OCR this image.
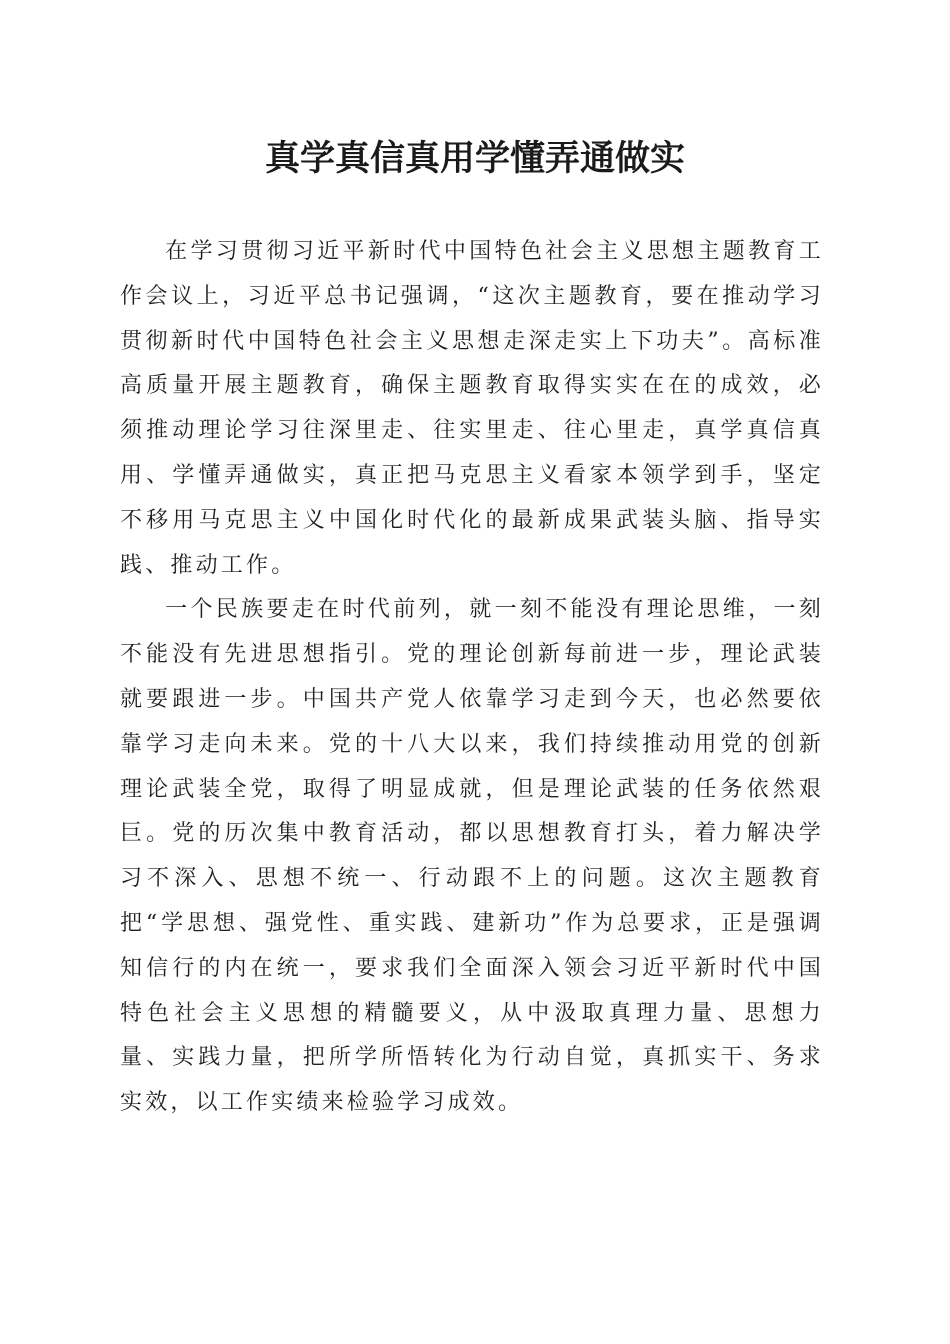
真学真信真用学懂弄通做实

在学习贯彻习近平新时代中国特色社会主义思想主题教育工作会议上，习近平总书记强调，“这次主题教育，要在推动学习贯彻新时代中国特色社会主义思想走深走实上下功夫”。高标准高质量开展主题教育，确保主题教育取得实实在在的成效，必须推动理论学习往深里走、往实里走、往心里走，真学真信真用、学懂弄通做实，真正把马克思主义看家本领学到手，坚定不移用马克思主义中国化时代化的最新成果武装头脑、指导实践、推动工作。

一个民族要走在时代前列，就一刻不能没有理论思维，一刻不能没有先进思想指引。党的理论创新每前进一步，理论武装就要跟进一步。中国共产党人依靠学习走到今天，也必然要依靠学习走向未来。党的十八大以来，我们持续推动用党的创新理论武装全党，取得了明显成就，但是理论武装的任务依然艰巨。党的历次集中教育活动，都以思想教育打头，着力解决学习不深入、思想不统一、行动跟不上的问题。这次主题教育把“学思想、强党性、重实践、建新功”作为总要求，正是强调知信行的内在统一，要求我们全面深入领会习近平新时代中国特色社会主义思想的精髓要义，从中汲取真理力量、思想力量、实践力量，把所学所悟转化为行动自觉，真抓实干、务求实效，以工作实绩来检验学习成效。
